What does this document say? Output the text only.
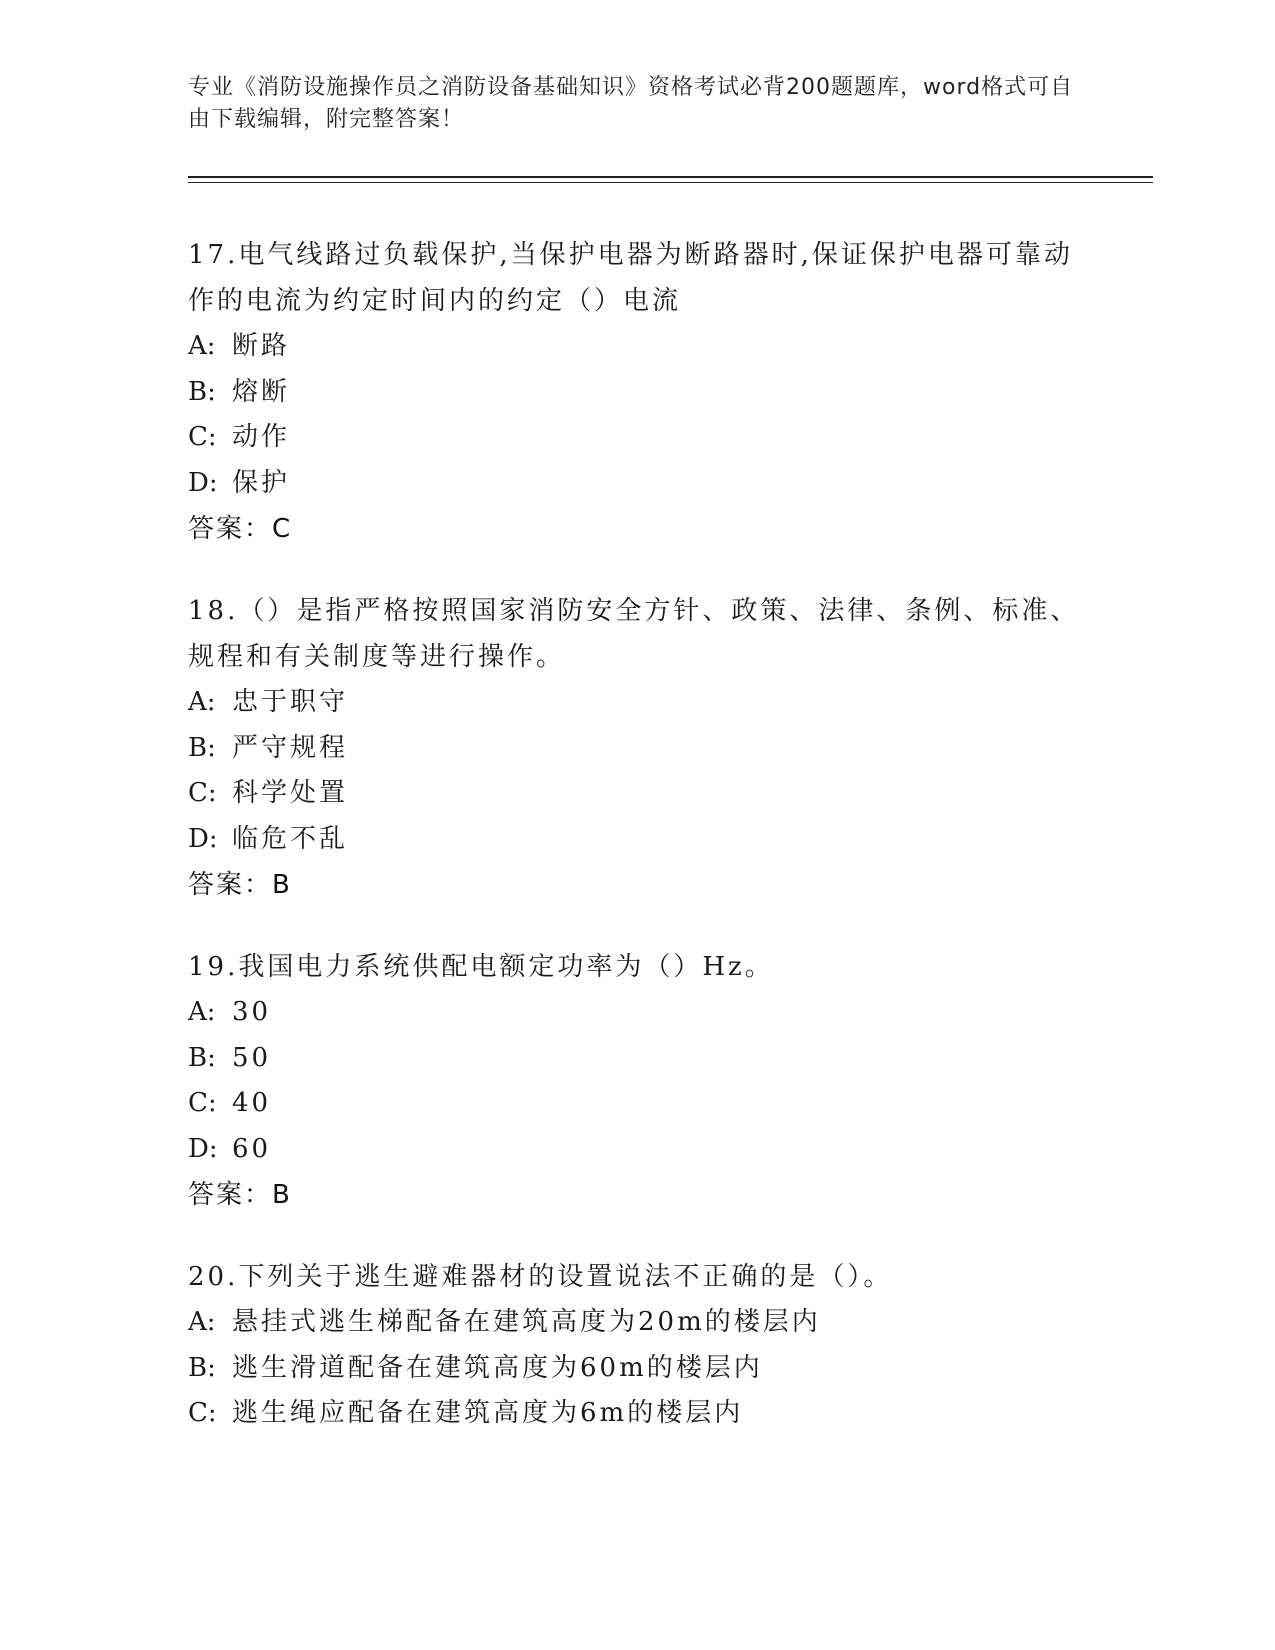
专业《消防设施操作员之消防设备基础知识》资格考试必背200题题库，word格式可自由下载编辑，附完整答案！
17.电气线路过负载保护,当保护电器为断路器时,保证保护电器可靠动作的电流为约定时间内的约定（）电流
A: 断路
B: 熔断
C: 动作
D: 保护
答案：C
18.（）是指严格按照国家消防安全方针、政策、法律、条例、标准、规程和有关制度等进行操作。
A: 忠于职守
B: 严守规程
C: 科学处置
D: 临危不乱
答案：B
19.我国电力系统供配电额定功率为（）Hz。
A: 30
B: 50
C: 40
D: 60
答案：B
20.下列关于逃生避难器材的设置说法不正确的是（）。
A: 悬挂式逃生梯配备在建筑高度为20m的楼层内
B: 逃生滑道配备在建筑高度为60m的楼层内
C: 逃生绳应配备在建筑高度为6m的楼层内
